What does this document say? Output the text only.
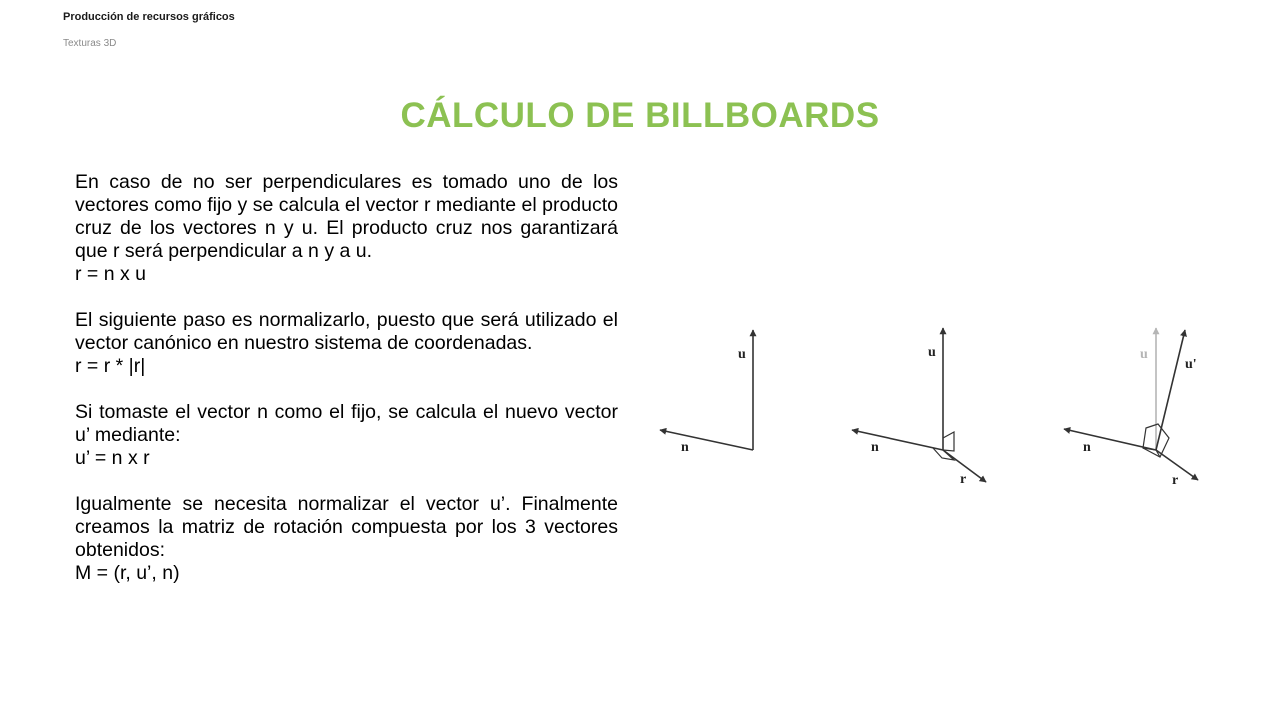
Producción de recursos gráficos
Texturas 3D
CÁLCULO DE BILLBOARDS

En caso de no ser perpendiculares es tomado uno de los vectores como fijo y se calcula el vector r mediante el producto cruz de los vectores n y u. El producto cruz nos garantizará que r será perpendicular a n y a u.

r = n x u

El siguiente paso es normalizarlo, puesto que será utilizado el vector canónico en nuestro sistema de coordenadas.

r = r * |r|

Si tomaste el vector n como el fijo, se calcula el nuevo vector u’ mediante:

u’ = n x r

Igualmente se necesita normalizar el vector u’. Finalmente creamos la matriz de rotación compuesta por los 3 vectores obtenidos:

M = (r, u’, n)

u
n
u
n
r
u
u'
n
r
